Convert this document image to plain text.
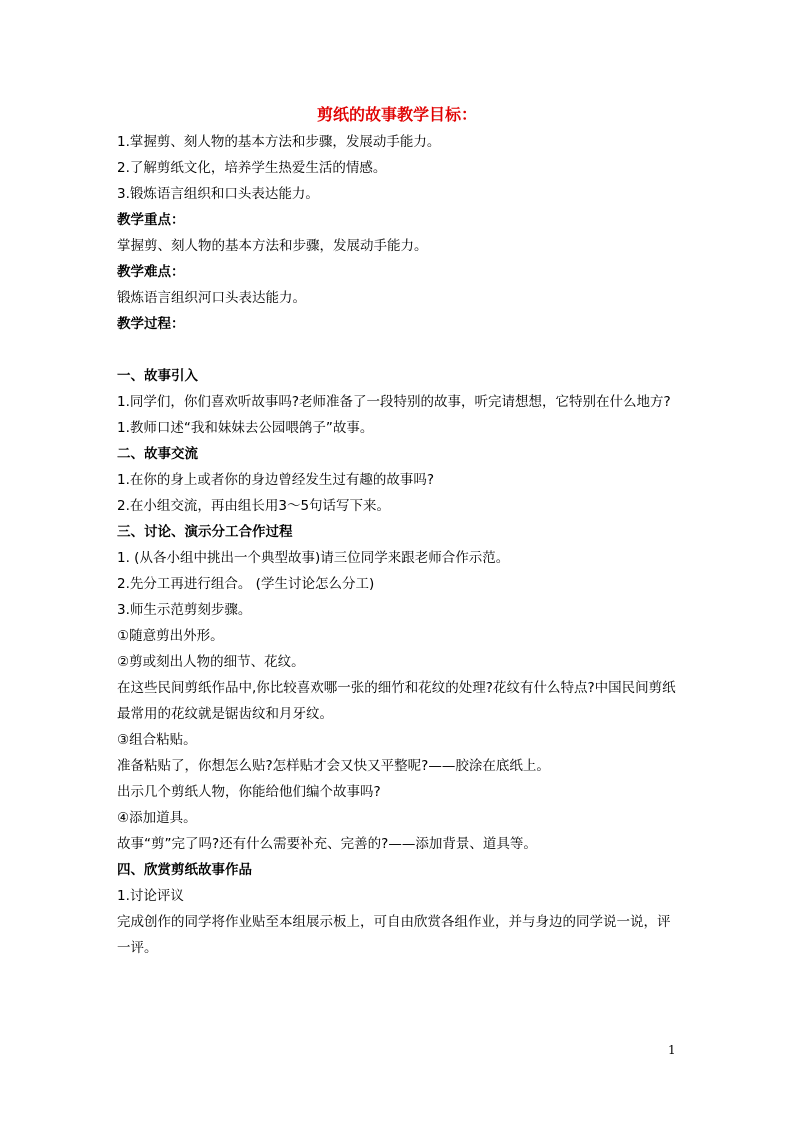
剪纸的故事教学目标：
1.掌握剪、刻人物的基本方法和步骤，发展动手能力。
2.了解剪纸文化，培养学生热爱生活的情感。
3.锻炼语言组织和口头表达能力。
教学重点：
掌握剪、刻人物的基本方法和步骤，发展动手能力。
教学难点：
锻炼语言组织河口头表达能力。
教学过程：
一、故事引入
1.同学们，你们喜欢听故事吗?老师准备了一段特别的故事，听完请想想，它特别在什么地方?
1.教师口述“我和妹妹去公园喂鸽子”故事。
二、故事交流
1.在你的身上或者你的身边曾经发生过有趣的故事吗?
2.在小组交流，再由组长用3～5句话写下来。
三、讨论、演示分工合作过程
1. (从各小组中挑出一个典型故事)请三位同学来跟老师合作示范。
2.先分工再进行组合。 (学生讨论怎么分工)
3.师生示范剪刻步骤。
①随意剪出外形。
②剪或刻出人物的细节、花纹。
在这些民间剪纸作品中,你比较喜欢哪一张的细竹和花纹的处理?花纹有什么特点?中国民间剪纸最常用的花纹就是锯齿纹和月牙纹。
③组合粘贴。
准备粘贴了，你想怎么贴?怎样贴才会又快又平整呢?——胶涂在底纸上。
出示几个剪纸人物，你能给他们编个故事吗?
④添加道具。
故事“剪”完了吗?还有什么需要补充、完善的?——添加背景、道具等。
四、欣赏剪纸故事作品
1.讨论评议
完成创作的同学将作业贴至本组展示板上，可自由欣赏各组作业，并与身边的同学说一说，评一评。
1
